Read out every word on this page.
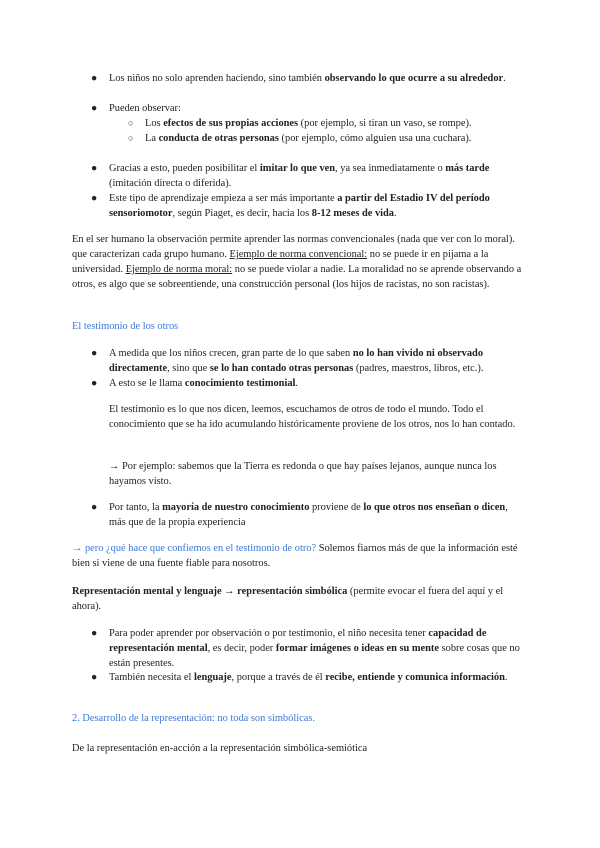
● Los niños no solo aprenden haciendo, sino también observando lo que ocurre a su alrededor.
● Pueden observar:
○ Los efectos de sus propias acciones (por ejemplo, si tiran un vaso, se rompe).
○ La conducta de otras personas (por ejemplo, cómo alguien usa una cuchara).
● Gracias a esto, pueden posibilitar el imitar lo que ven, ya sea inmediatamente o más tarde (imitación directa o diferida).
● Este tipo de aprendizaje empieza a ser más importante a partir del Estadio IV del período sensoriomotor, según Piaget, es decir, hacia los 8-12 meses de vida.

En el ser humano la observación permite aprender las normas convencionales (nada que ver con lo moral). que caracterizan cada grupo humano. Ejemplo de norma convencional: no se puede ir en pijama a la universidad. Ejemplo de norma moral: no se puede violar a nadie. La moralidad no se aprende observando a otros, es algo que se sobreentiende, una construcción personal (los hijos de racistas, no son racistas).

El testimonio de los otros
● A medida que los niños crecen, gran parte de lo que saben no lo han vivido ni observado directamente, sino que se lo han contado otras personas (padres, maestros, libros, etc.).
● A esto se le llama conocimiento testimonial.

El testimonio es lo que nos dicen, leemos, escuchamos de otros de todo el mundo. Todo el conocimiento que se ha ido acumulando históricamente proviene de los otros, nos lo han contado.

→ Por ejemplo: sabemos que la Tierra es redonda o que hay países lejanos, aunque nunca los hayamos visto.

● Por tanto, la mayoría de nuestro conocimiento proviene de lo que otros nos enseñan o dicen, más que de la propia experiencia

→ pero ¿qué hace que confiemos en el testimonio de otro? Solemos fiarnos más de que la información esté bien si viene de una fuente fiable para nosotros.

Representación mental y lenguaje → representación simbólica (permite evocar el fuera del aquí y el ahora).

● Para poder aprender por observación o por testimonio, el niño necesita tener capacidad de representación mental, es decir, poder formar imágenes o ideas en su mente sobre cosas que no están presentes.
● También necesita el lenguaje, porque a través de él recibe, entiende y comunica información.
2. Desarrollo de la representación: no toda son simbólicas.

De la representación en-acción a la representación simbólica-semiótica
